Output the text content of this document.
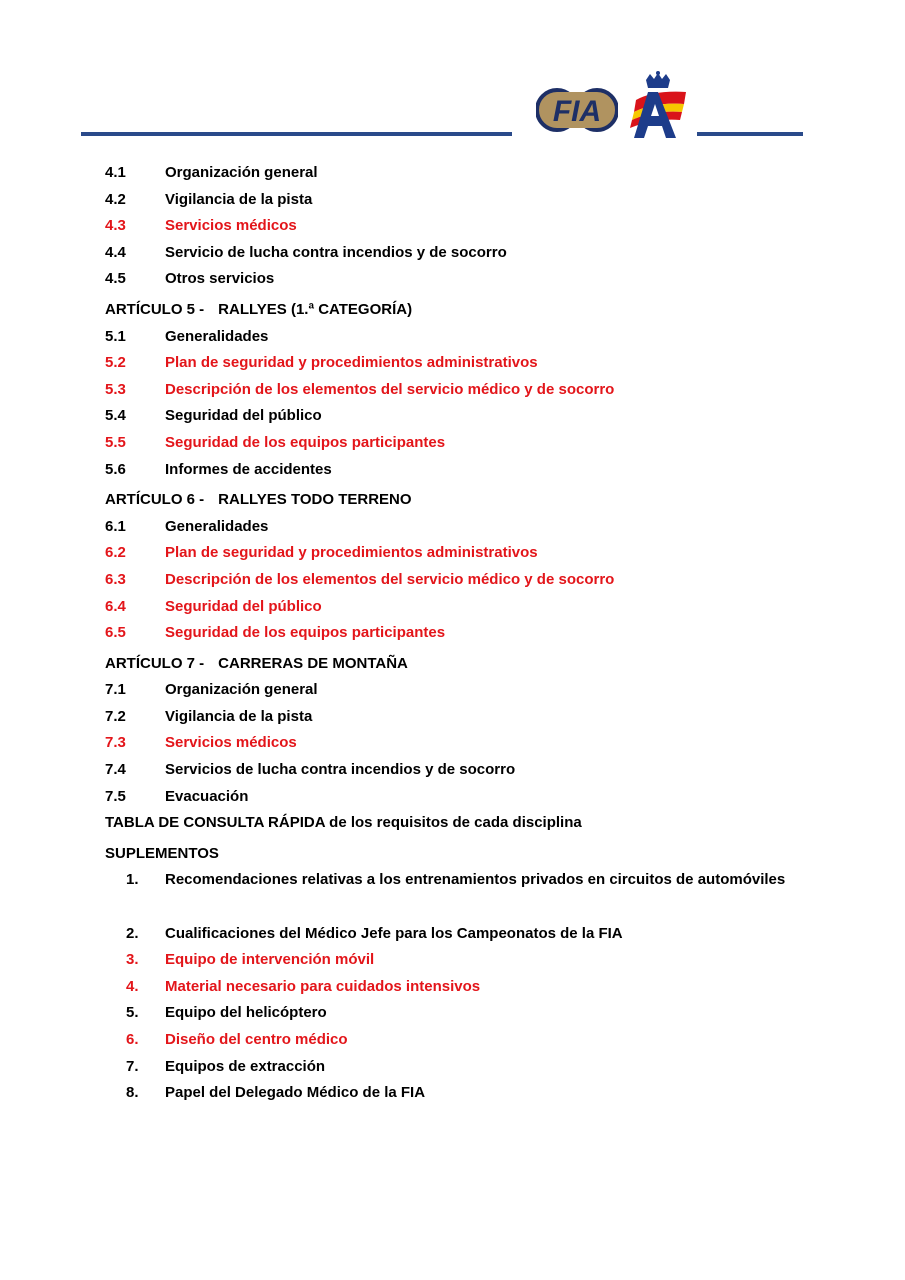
FIA
4.1	Organización general
4.2	Vigilancia de la pista
4.3	Servicios médicos
4.4	Servicio de lucha contra incendios y de socorro
4.5	Otros servicios
ARTÍCULO 5 - RALLYES (1.ª CATEGORÍA)
5.1	Generalidades
5.2	Plan de seguridad y procedimientos administrativos
5.3	Descripción de los elementos del servicio médico y de socorro
5.4	Seguridad del público
5.5	Seguridad de los equipos participantes
5.6	Informes de accidentes
ARTÍCULO 6 - RALLYES TODO TERRENO
6.1	Generalidades
6.2	Plan de seguridad y procedimientos administrativos
6.3	Descripción de los elementos del servicio médico y de socorro
6.4	Seguridad del público
6.5	Seguridad de los equipos participantes
ARTÍCULO 7 - CARRERAS DE MONTAÑA
7.1	Organización general
7.2	Vigilancia de la pista
7.3	Servicios médicos
7.4	Servicios de lucha contra incendios y de socorro
7.5	Evacuación
TABLA DE CONSULTA RÁPIDA de los requisitos de cada disciplina
SUPLEMENTOS
1.	Recomendaciones relativas a los entrenamientos privados en circuitos de automóviles
2.	Cualificaciones del Médico Jefe para los Campeonatos de la FIA
3.	Equipo de intervención móvil
4.	Material necesario para cuidados intensivos
5.	Equipo del helicóptero
6.	Diseño del centro médico
7.	Equipos de extracción
8.	Papel del Delegado Médico de la FIA
